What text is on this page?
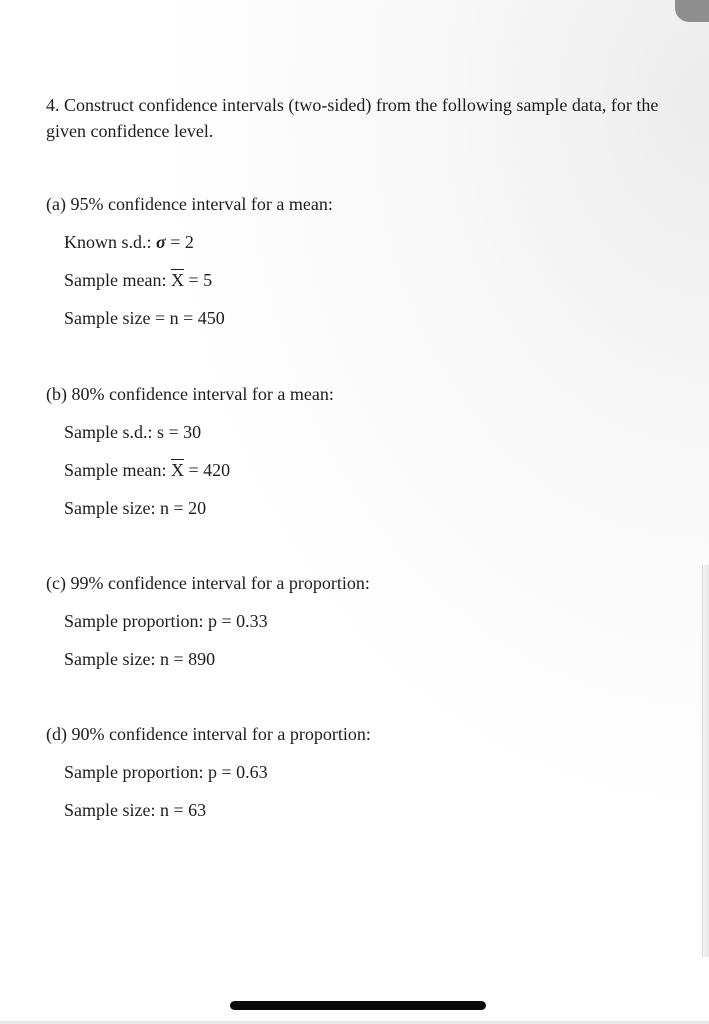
4. Construct confidence intervals (two-sided) from the following sample data, for the given confidence level.

(a) 95% confidence interval for a mean:

Known s.d.: σ = 2

Sample mean: $\overline{X} = 5$

Sample size = n = 450

(b) 80% confidence interval for a mean:

Sample s.d.: s = 30

Sample mean: $\overline{X} = 420$

Sample size: n = 20

(c) 99% confidence interval for a proportion:

Sample proportion: p = 0.33

Sample size: n = 890

(d) 90% confidence interval for a proportion:

Sample proportion: p = 0.63

Sample size: n = 63
